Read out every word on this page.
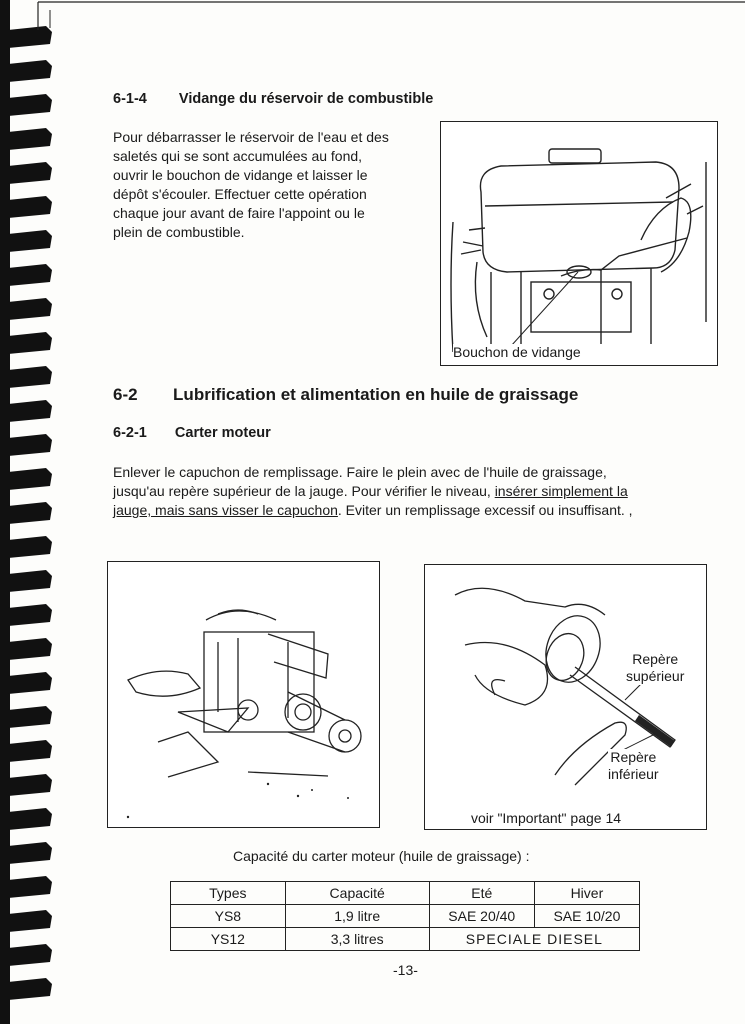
6-1-4 Vidange du réservoir de combustible
Pour débarrasser le réservoir de l'eau et des
saletés qui se sont accumulées au fond,
ouvrir le bouchon de vidange et laisser le
dépôt s'écouler. Effectuer cette opération
chaque jour avant de faire l'appoint ou le
plein de combustible.
Bouchon de vidange
6-2 Lubrification et alimentation en huile de graissage
6-2-1 Carter moteur
Enlever le capuchon de remplissage. Faire le plein avec de l'huile de graissage,
jusqu'au repère supérieur de la jauge. Pour vérifier le niveau, insérer simplement la
jauge, mais sans visser le capuchon. Eviter un remplissage excessif ou insuffisant. ,
Repère
supérieur
Repère
inférieur
voir "Important" page 14
Capacité du carter moteur (huile de graissage) :
Types	Capacité	Eté	Hiver
YS8	1,9 litre	SAE 20/40	SAE 10/20
YS12	3,3 litres	SPECIALE DIESEL	
-13-
